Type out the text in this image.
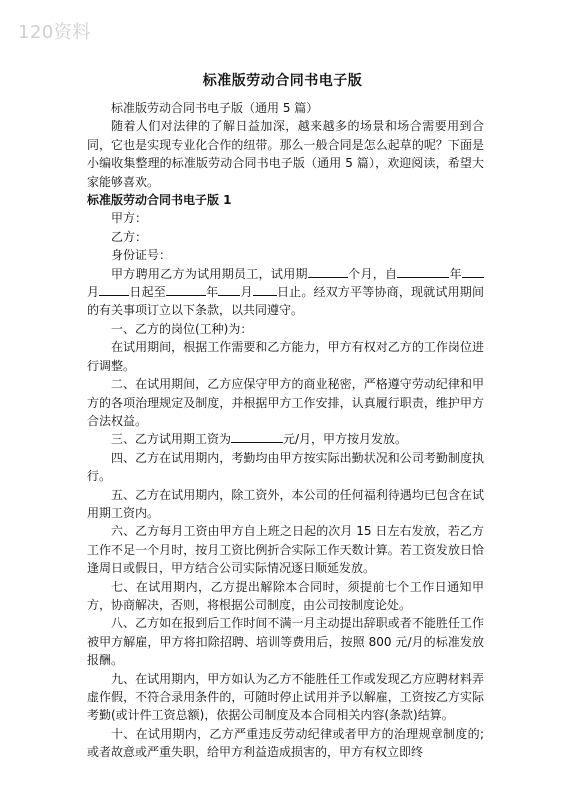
120资料
标准版劳动合同书电子版

标准版劳动合同书电子版（通用 5 篇）

随着人们对法律的了解日益加深，越来越多的场景和场合需要用到合同，它也是实现专业化合作的纽带。那么一般合同是怎么起草的呢？下面是小编收集整理的标准版劳动合同书电子版（通用 5 篇），欢迎阅读，希望大家能够喜欢。

标准版劳动合同书电子版 1

甲方：

乙方：

身份证号：

甲方聘用乙方为试用期员工，试用期	个月，自	年月	日起至	年 月 日止。经双方平等协商，现就试用期间的有关事项订立以下条款，以共同遵守。

一、乙方的岗位(工种)为：

在试用期间，根据工作需要和乙方能力，甲方有权对乙方的工作岗位进行调整。

二、在试用期间，乙方应保守甲方的商业秘密，严格遵守劳动纪律和甲方的各项治理规定及制度，并根据甲方工作安排，认真履行职责，维护甲方合法权益。

三、乙方试用期工资为	元/月，甲方按月发放。

四、乙方在试用期内，考勤均由甲方按实际出勤状况和公司考勤制度执行。

五、乙方在试用期内，除工资外，本公司的任何福利待遇均已包含在试用期工资内。

六、乙方每月工资由甲方自上班之日起的次月 15 日左右发放，若乙方工作不足一个月时，按月工资比例折合实际工作天数计算。若工资发放日恰逢周日或假日，甲方结合公司实际情况逐日顺延发放。

七、在试用期内，乙方提出解除本合同时，须提前七个工作日通知甲方，协商解决，否则，将根据公司制度，由公司按制度论处。

八、乙方如在报到后工作时间不满一月主动提出辞职或者不能胜任工作被甲方解雇，甲方将扣除招聘、培训等费用后，按照 800 元/月的标准发放报酬。

九、在试用期内，甲方如认为乙方不能胜任工作或发现乙方应聘材料弄虚作假，不符合录用条件的，可随时停止试用并予以解雇，工资按乙方实际考勤(或计件工资总额)，依据公司制度及本合同相关内容(条款)结算。

十、在试用期内，乙方严重违反劳动纪律或者甲方的治理规章制度的;或者故意或严重失职，给甲方利益造成损害的，甲方有权立即终
